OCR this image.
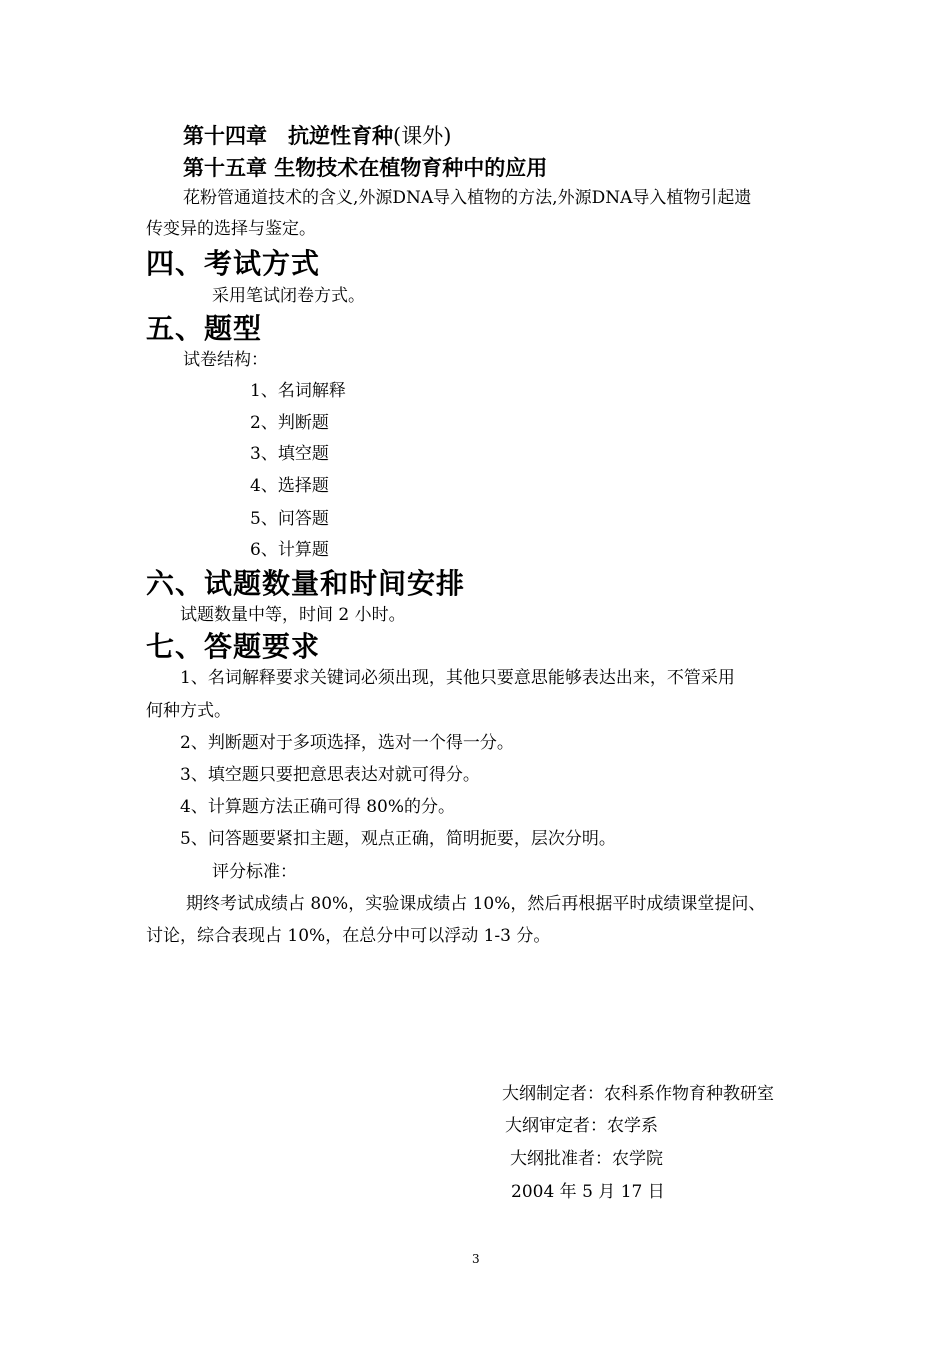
第十四章　抗逆性育种(课外)
第十五章 生物技术在植物育种中的应用
花粉管通道技术的含义,外源DNA导入植物的方法,外源DNA导入植物引起遗
传变异的选择与鉴定。
四、考试方式
采用笔试闭卷方式。
五、题型
试卷结构：
1、名词解释
2、判断题
3、填空题
4、选择题
5、问答题
6、计算题
六、试题数量和时间安排
试题数量中等，时间 2 小时。
七、答题要求
1、名词解释要求关键词必须出现，其他只要意思能够表达出来，不管采用
何种方式。
2、判断题对于多项选择，选对一个得一分。
3、填空题只要把意思表达对就可得分。
4、计算题方法正确可得 80%的分。
5、问答题要紧扣主题，观点正确，简明扼要，层次分明。
评分标准：
期终考试成绩占 80%，实验课成绩占 10%，然后再根据平时成绩课堂提问、
讨论，综合表现占 10%，在总分中可以浮动 1-3 分。
大纲制定者：农科系作物育种教研室
大纲审定者：农学系
大纲批准者：农学院
2004 年 5 月 17 日
3
